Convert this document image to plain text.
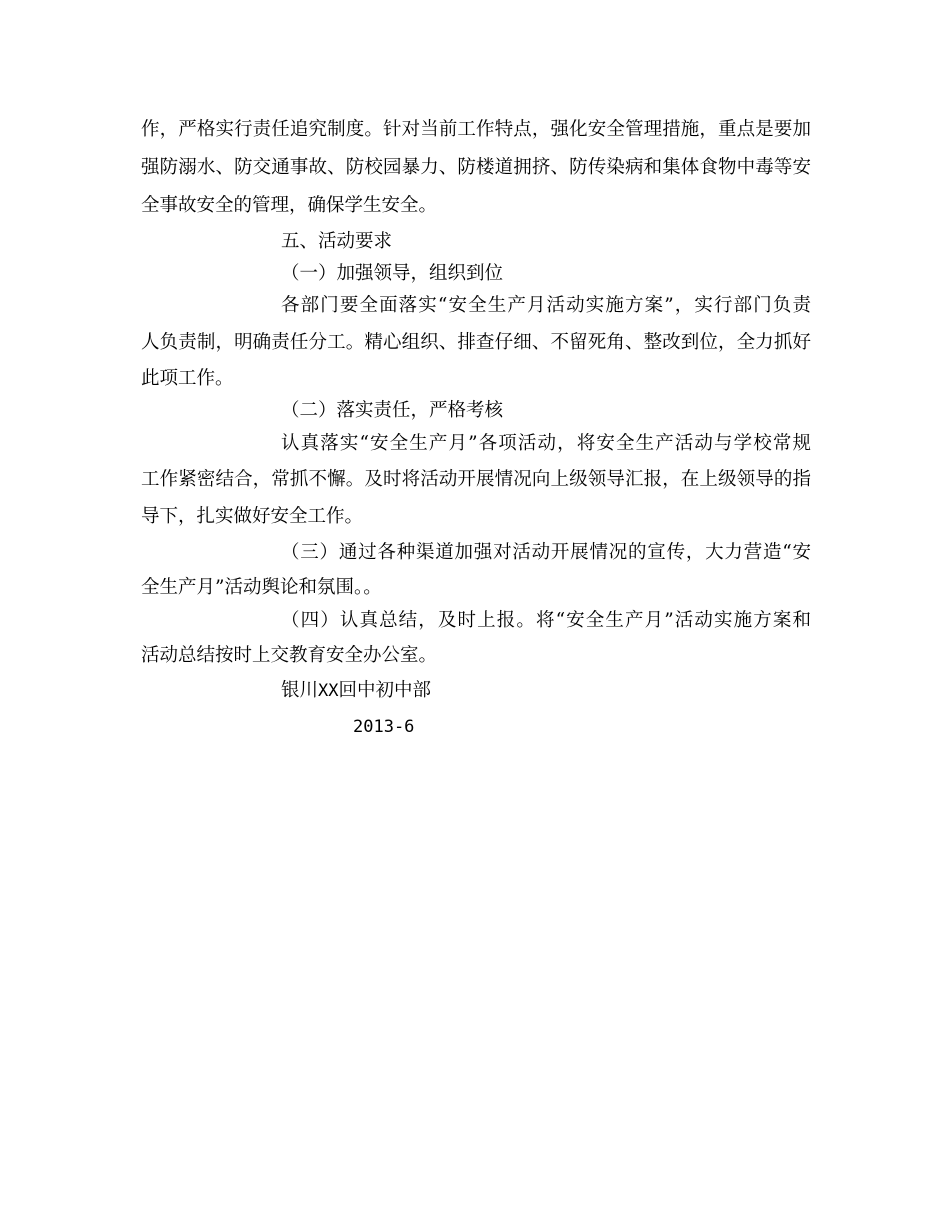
作，严格实行责任追究制度。针对当前工作特点，强化安全管理措施，重点是要加
强防溺水、防交通事故、防校园暴力、防楼道拥挤、防传染病和集体食物中毒等安
全事故安全的管理，确保学生安全。
五、活动要求
（一）加强领导，组织到位
各部门要全面落实“安全生产月活动实施方案”，实行部门负责
人负责制，明确责任分工。精心组织、排查仔细、不留死角、整改到位，全力抓好
此项工作。
（二）落实责任，严格考核
认真落实“安全生产月”各项活动，将安全生产活动与学校常规
工作紧密结合，常抓不懈。及时将活动开展情况向上级领导汇报，在上级领导的指
导下，扎实做好安全工作。
（三）通过各种渠道加强对活动开展情况的宣传，大力营造“安
全生产月”活动舆论和氛围。。
（四）认真总结，及时上报。将“安全生产月”活动实施方案和
活动总结按时上交教育安全办公室。
银川XX回中初中部
2013-6
